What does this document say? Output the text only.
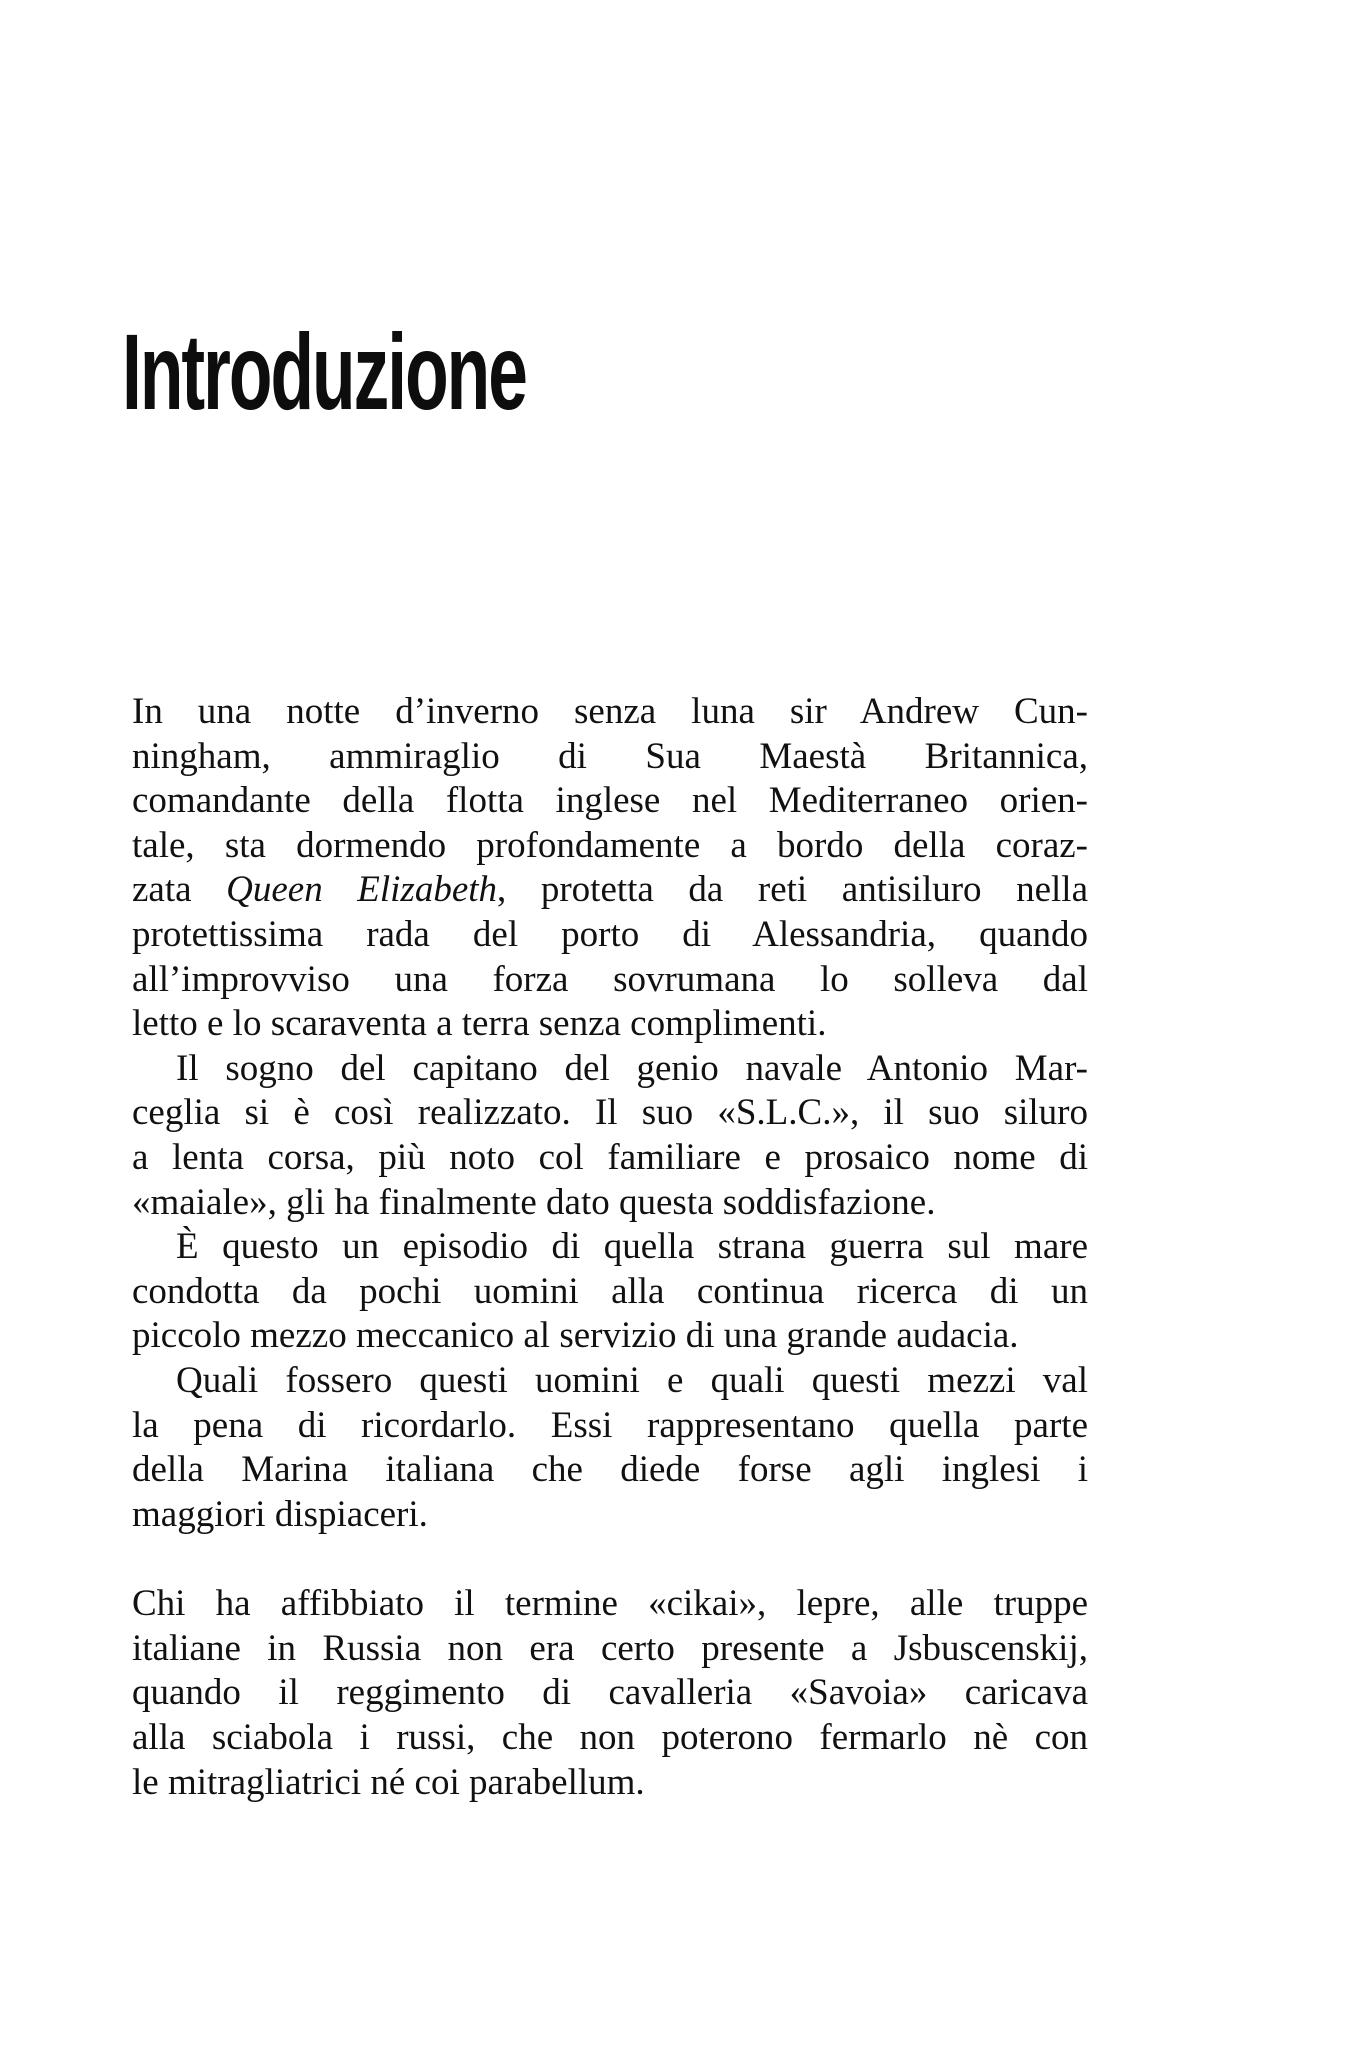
Introduzione

In una notte d’inverno senza luna sir Andrew Cun-
ningham, ammiraglio di Sua Maestà Britannica,
comandante della flotta inglese nel Mediterraneo orien-
tale, sta dormendo profondamente a bordo della coraz-
zata Queen Elizabeth, protetta da reti antisiluro nella
protettissima rada del porto di Alessandria, quando
all’improvviso una forza sovrumana lo solleva dal
letto e lo scaraventa a terra senza complimenti.

Il sogno del capitano del genio navale Antonio Mar-
ceglia si è così realizzato. Il suo «S.L.C.», il suo siluro
a lenta corsa, più noto col familiare e prosaico nome di
«maiale», gli ha finalmente dato questa soddisfazione.

È questo un episodio di quella strana guerra sul mare
condotta da pochi uomini alla continua ricerca di un
piccolo mezzo meccanico al servizio di una grande audacia.

Quali fossero questi uomini e quali questi mezzi val
la pena di ricordarlo. Essi rappresentano quella parte
della Marina italiana che diede forse agli inglesi i
maggiori dispiaceri.

Chi ha affibbiato il termine «cikai», lepre, alle truppe
italiane in Russia non era certo presente a Jsbuscenskij,
quando il reggimento di cavalleria «Savoia» caricava
alla sciabola i russi, che non poterono fermarlo nè con
le mitragliatrici né coi parabellum.
